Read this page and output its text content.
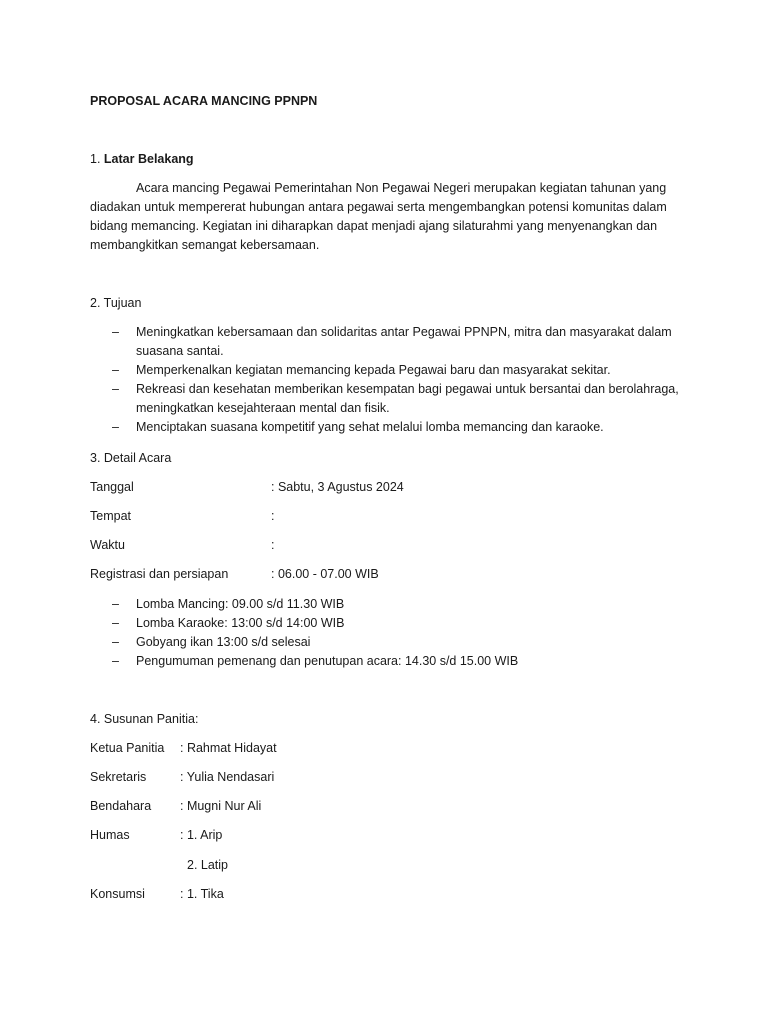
PROPOSAL ACARA MANCING PPNPN
1. Latar Belakang
Acara mancing Pegawai Pemerintahan Non Pegawai Negeri merupakan kegiatan tahunan yang diadakan untuk mempererat hubungan antara pegawai serta mengembangkan potensi komunitas dalam bidang memancing. Kegiatan ini diharapkan dapat menjadi ajang silaturahmi yang menyenangkan dan membangkitkan semangat kebersamaan.
2. Tujuan
– Meningkatkan kebersamaan dan solidaritas antar Pegawai PPNPN, mitra dan masyarakat dalam suasana santai.
– Memperkenalkan kegiatan memancing kepada Pegawai baru dan masyarakat sekitar.
– Rekreasi dan kesehatan memberikan kesempatan bagi pegawai untuk bersantai dan berolahraga, meningkatkan kesejahteraan mental dan fisik.
– Menciptakan suasana kompetitif yang sehat melalui lomba memancing dan karaoke.
3. Detail Acara
Tanggal	: Sabtu, 3 Agustus 2024
Tempat	:
Waktu	:
Registrasi dan persiapan	: 06.00 - 07.00 WIB
– Lomba Mancing: 09.00 s/d 11.30 WIB
– Lomba Karaoke: 13:00 s/d 14:00 WIB
– Gobyang ikan 13:00 s/d selesai
– Pengumuman pemenang dan penutupan acara: 14.30 s/d 15.00 WIB
4. Susunan Panitia:
Ketua Panitia : Rahmat Hidayat
Sekretaris	: Yulia Nendasari
Bendahara : Mugni Nur Ali
Humas	: 1. Arip
2. Latip
Konsumsi	: 1. Tika
